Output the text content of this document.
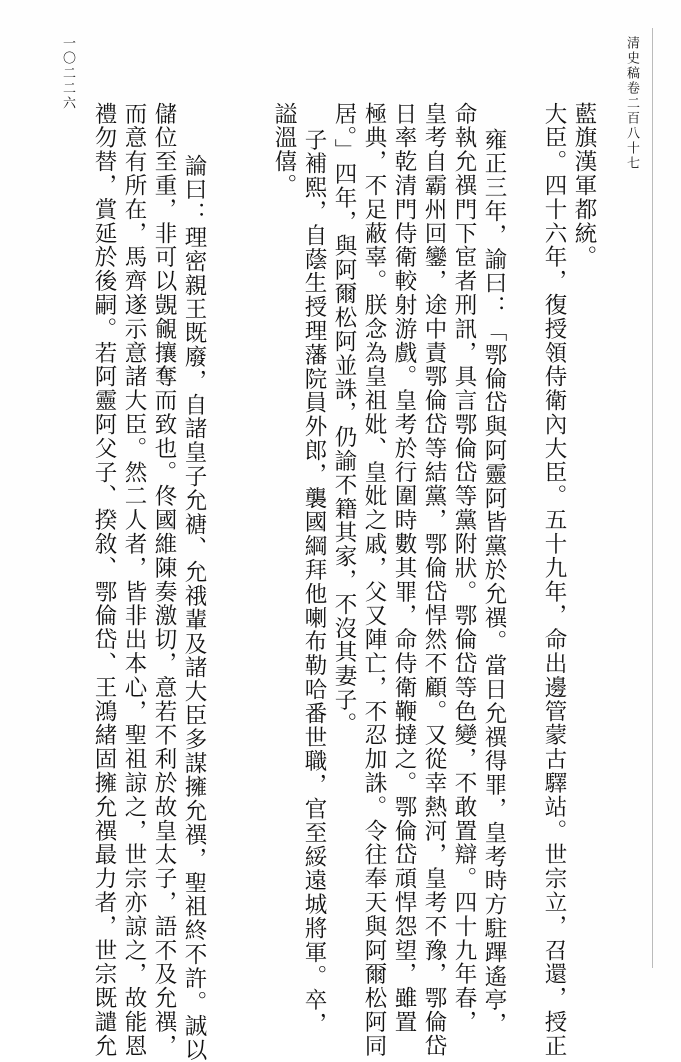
清史稿卷二百八十七
一〇二二六
藍旗漢軍都統。
大臣。四十六年，復授領侍衛內大臣。五十九年，命出邊管蒙古驛站。世宗立，召還，授正
雍正三年，諭曰：「鄂倫岱與阿靈阿皆黨於允禩。當日允禩得罪，皇考時方駐蹕遙亭，
命執允禩門下宦者刑訊，具言鄂倫岱等黨附狀。鄂倫岱等色變，不敢置辯。四十九年春，
皇考自霸州回鑾，途中責鄂倫岱等結黨，鄂倫岱悍然不顧。又從幸熱河，皇考不豫，鄂倫岱
日率乾清門侍衛較射游戲。皇考於行圍時數其罪，命侍衛鞭撻之。鄂倫岱頑悍怨望，雖置
極典，不足蔽辜。朕念為皇祖妣、皇妣之戚，父又陣亡，不忍加誅。令往奉天與阿爾松阿同
居。」四年，與阿爾松阿並誅，仍諭不籍其家，不沒其妻子。
子補熙，自蔭生授理藩院員外郎，襲國綱拜他喇布勒哈番世職，官至綏遠城將軍。卒，
謚溫僖。
論曰：理密親王既廢，自諸皇子允禟、允䄉輩及諸大臣多謀擁允禩，聖祖終不許。誠以
儲位至重，非可以覬覦攘奪而致也。佟國維陳奏激切，意若不利於故皇太子，語不及允禩，
而意有所在，馬齊遂示意諸大臣。然二人者，皆非出本心，聖祖諒之，世宗亦諒之，故能恩
禮勿替，賞延於後嗣。若阿靈阿父子、揆敘、鄂倫岱、王鴻緒固擁允禩最力者，世宗既譴允
